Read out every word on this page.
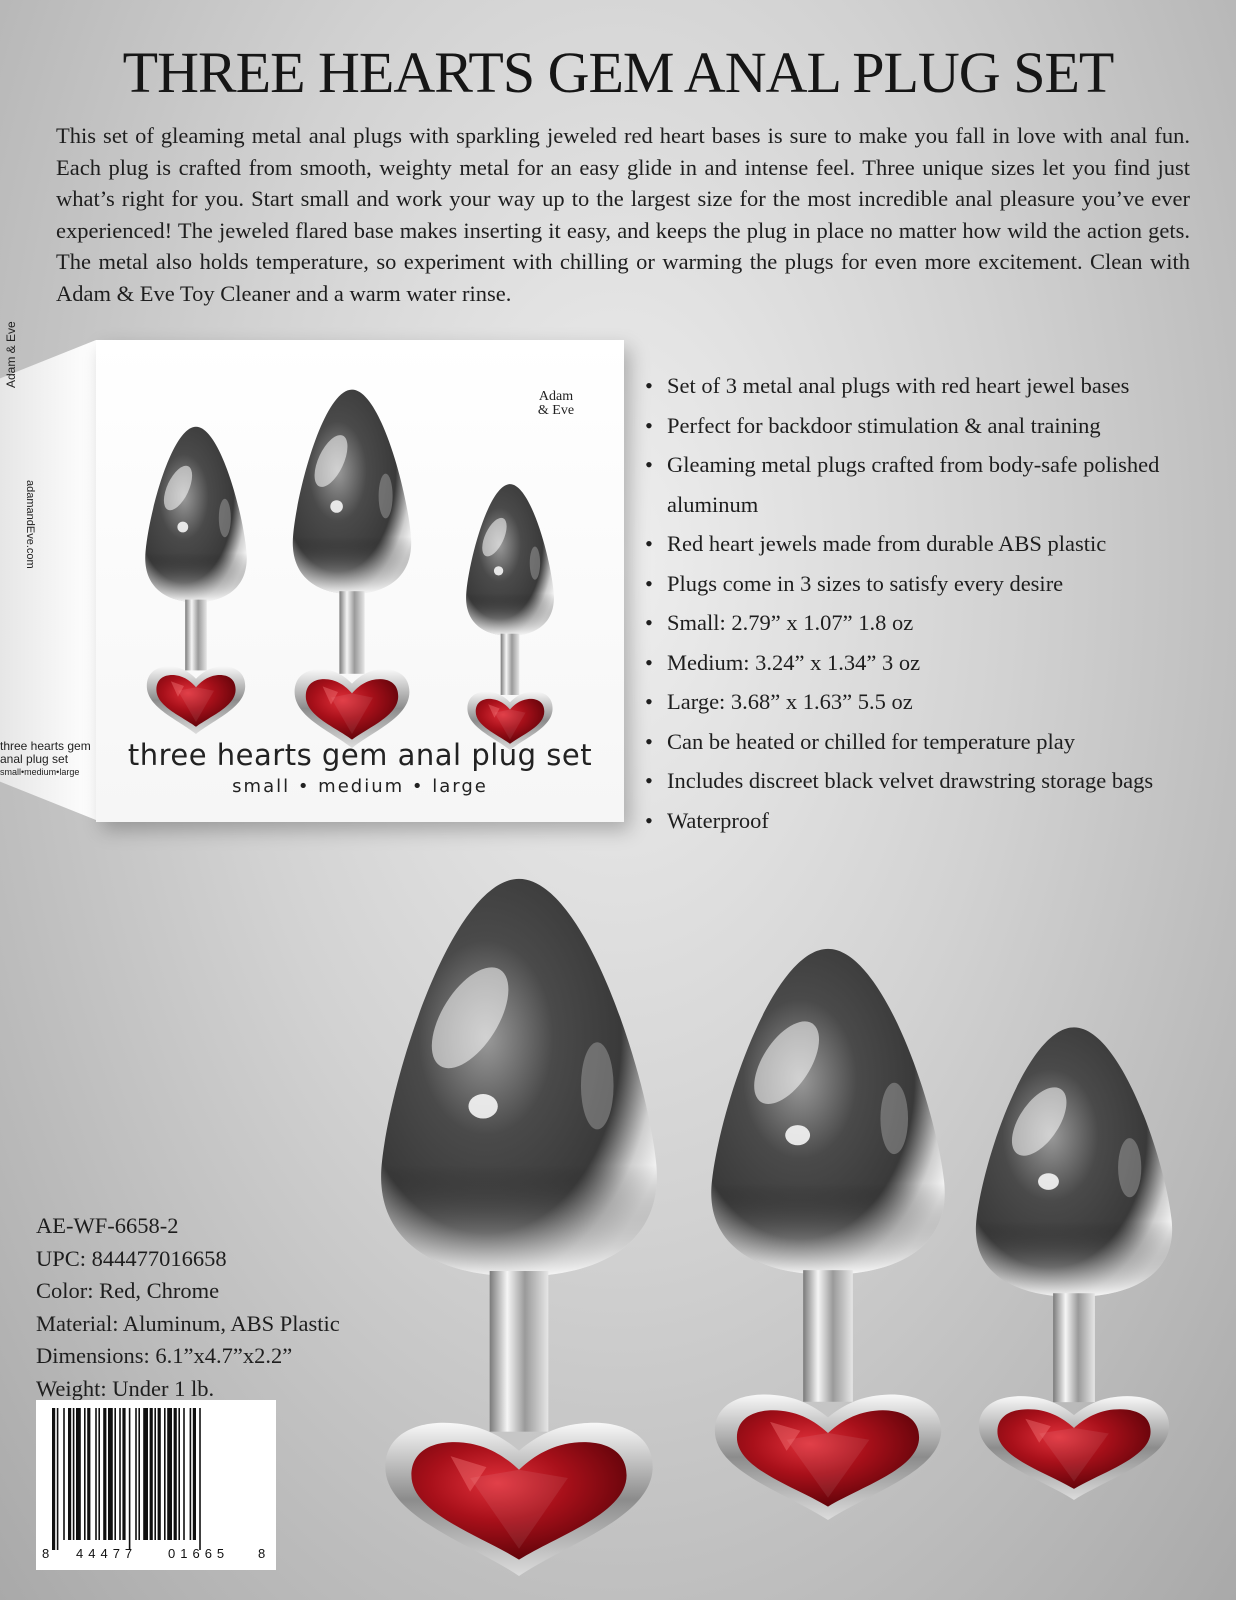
THREE HEARTS GEM ANAL PLUG SET

This set of gleaming metal anal plugs with sparkling jeweled red heart bases is sure to make you fall in love with anal fun. Each plug is crafted from smooth, weighty metal for an easy glide in and intense feel. Three unique sizes let you find just what’s right for you. Start small and work your way up to the largest size for the most incredible anal pleasure you’ve ever experienced! The jeweled flared base makes inserting it easy, and keeps the plug in place no matter how wild the action gets. The metal also holds temperature, so experiment with chilling or warming the plugs for even more excitement. Clean with Adam & Eve Toy Cleaner and a warm water rinse.

Adam & Eve
adamandEve.com
three hearts gem
anal plug set
small•medium•large
Adam
& Eve
three hearts gem anal plug set
small • medium • large
• Set of 3 metal anal plugs with red heart jewel bases
• Perfect for backdoor stimulation & anal training
• Gleaming metal plugs crafted from body-safe polished aluminum
• Red heart jewels made from durable ABS plastic
• Plugs come in 3 sizes to satisfy every desire
• Small: 2.79” x 1.07” 1.8 oz
• Medium: 3.24” x 1.34” 3 oz
• Large: 3.68” x 1.63” 5.5 oz
• Can be heated or chilled for temperature play
• Includes discreet black velvet drawstring storage bags
• Waterproof
AE-WF-6658-2
UPC: 844477016658
Color: Red, Chrome
Material: Aluminum, ABS Plastic
Dimensions: 6.1”x4.7”x2.2”
Weight: Under 1 lb.
8 44477 01665 8
